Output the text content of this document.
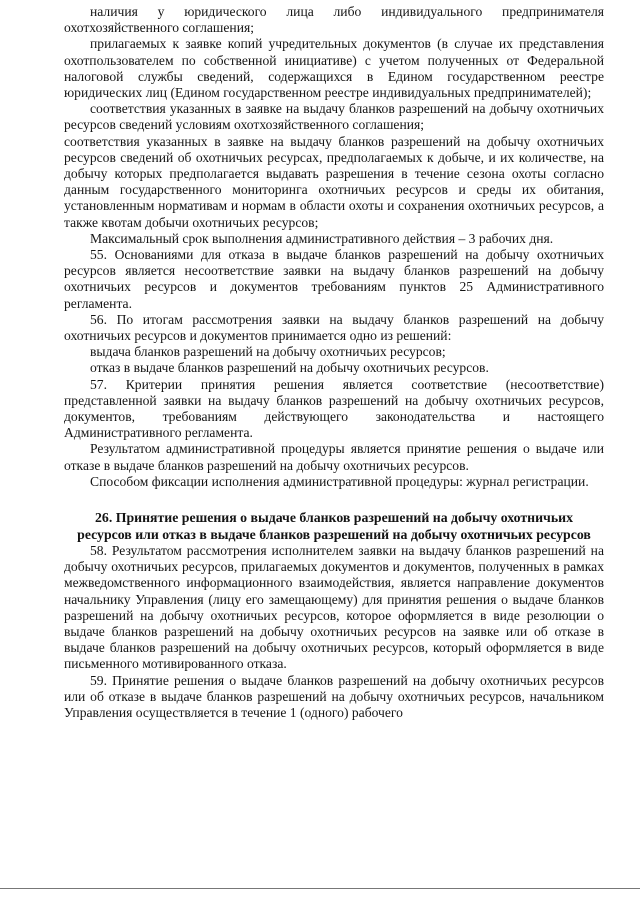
наличия у юридического лица либо индивидуального предпринимателя охотхозяйственного соглашения;

прилагаемых к заявке копий учредительных документов (в случае их представления охотпользователем по собственной инициативе) с учетом полученных от Федеральной налоговой службы сведений, содержащихся в Едином государственном реестре юридических лиц (Едином государственном реестре индивидуальных предпринимателей);

соответствия указанных в заявке на выдачу бланков разрешений на добычу охотничьих ресурсов сведений условиям охотхозяйственного соглашения;

соответствия указанных в заявке на выдачу бланков разрешений на добычу охотничьих ресурсов сведений об охотничьих ресурсах, предполагаемых к добыче, и их количестве, на добычу которых предполагается выдавать разрешения в течение сезона охоты согласно данным государственного мониторинга охотничьих ресурсов и среды их обитания, установленным нормативам и нормам в области охоты и сохранения охотничьих ресурсов, а также квотам добычи охотничьих ресурсов;

Максимальный срок выполнения административного действия – 3 рабочих дня.

55. Основаниями для отказа в выдаче бланков разрешений на добычу охотничьих ресурсов является несоответствие заявки на выдачу бланков разрешений на добычу охотничьих ресурсов и документов требованиям пунктов 25 Административного регламента.

56. По итогам рассмотрения заявки на выдачу бланков разрешений на добычу охотничьих ресурсов и документов принимается одно из решений:

выдача бланков разрешений на добычу охотничьих ресурсов;

отказ в выдаче бланков разрешений на добычу охотничьих ресурсов.

57. Критерии принятия решения является соответствие (несоответствие) представленной заявки на выдачу бланков разрешений на добычу охотничьих ресурсов, документов, требованиям действующего законодательства и настоящего Административного регламента.

Результатом административной процедуры является принятие решения о выдаче или отказе в выдаче бланков разрешений на добычу охотничьих ресурсов.

Способом фиксации исполнения административной процедуры: журнал регистрации.

26. Принятие решения о выдаче бланков разрешений на добычу охотничьих ресурсов или отказ в выдаче бланков разрешений на добычу охотничьих ресурсов

58. Результатом рассмотрения исполнителем заявки на выдачу бланков разрешений на добычу охотничьих ресурсов, прилагаемых документов и документов, полученных в рамках межведомственного информационного взаимодействия, является направление документов начальнику Управления (лицу его замещающему) для принятия решения о выдаче бланков разрешений на добычу охотничьих ресурсов, которое оформляется в виде резолюции о выдаче бланков разрешений на добычу охотничьих ресурсов на заявке или об отказе в выдаче бланков разрешений на добычу охотничьих ресурсов, который оформляется в виде письменного мотивированного отказа.

59. Принятие решения о выдаче бланков разрешений на добычу охотничьих ресурсов или об отказе в выдаче бланков разрешений на добычу охотничьих ресурсов, начальником Управления осуществляется в течение 1 (одного) рабочего
